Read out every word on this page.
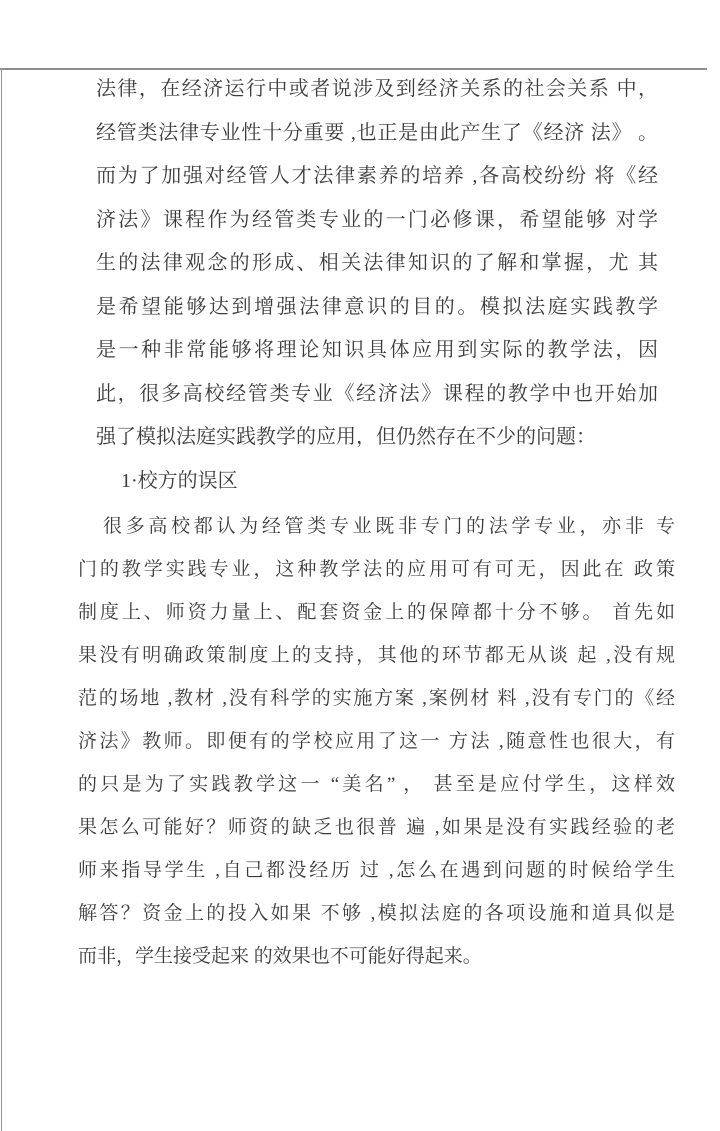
法律，在经济运行中或者说涉及到经济关系的社会关系 中，
经管类法律专业性十分重要 ,也正是由此产生了《经济 法》 。
而为了加强对经管人才法律素养的培养 ,各高校纷纷 将《经
济法》课程作为经管类专业的一门必修课，希望能够 对学
生的法律观念的形成、相关法律知识的了解和掌握，尤 其
是希望能够达到增强法律意识的目的。模拟法庭实践教学
是一种非常能够将理论知识具体应用到实际的教学法，因
此，很多高校经管类专业《经济法》课程的教学中也开始加
强了模拟法庭实践教学的应用，但仍然存在不少的问题：
1·校方的误区
很多高校都认为经管类专业既非专门的法学专业，亦非 专
门的教学实践专业，这种教学法的应用可有可无，因此在 政策
制度上、师资力量上、配套资金上的保障都十分不够。 首先如
果没有明确政策制度上的支持，其他的环节都无从谈 起 ,没有规
范的场地 ,教材 ,没有科学的实施方案 ,案例材 料 ,没有专门的《经
济法》教师。即便有的学校应用了这一 方法 ,随意性也很大，有
的只是为了实践教学这一 “美名” ， 甚至是应付学生，这样效
果怎么可能好？师资的缺乏也很普 遍 ,如果是没有实践经验的老
师来指导学生 ,自己都没经历 过 ,怎么在遇到问题的时候给学生
解答？资金上的投入如果 不够 ,模拟法庭的各项设施和道具似是
而非，学生接受起来 的效果也不可能好得起来。
